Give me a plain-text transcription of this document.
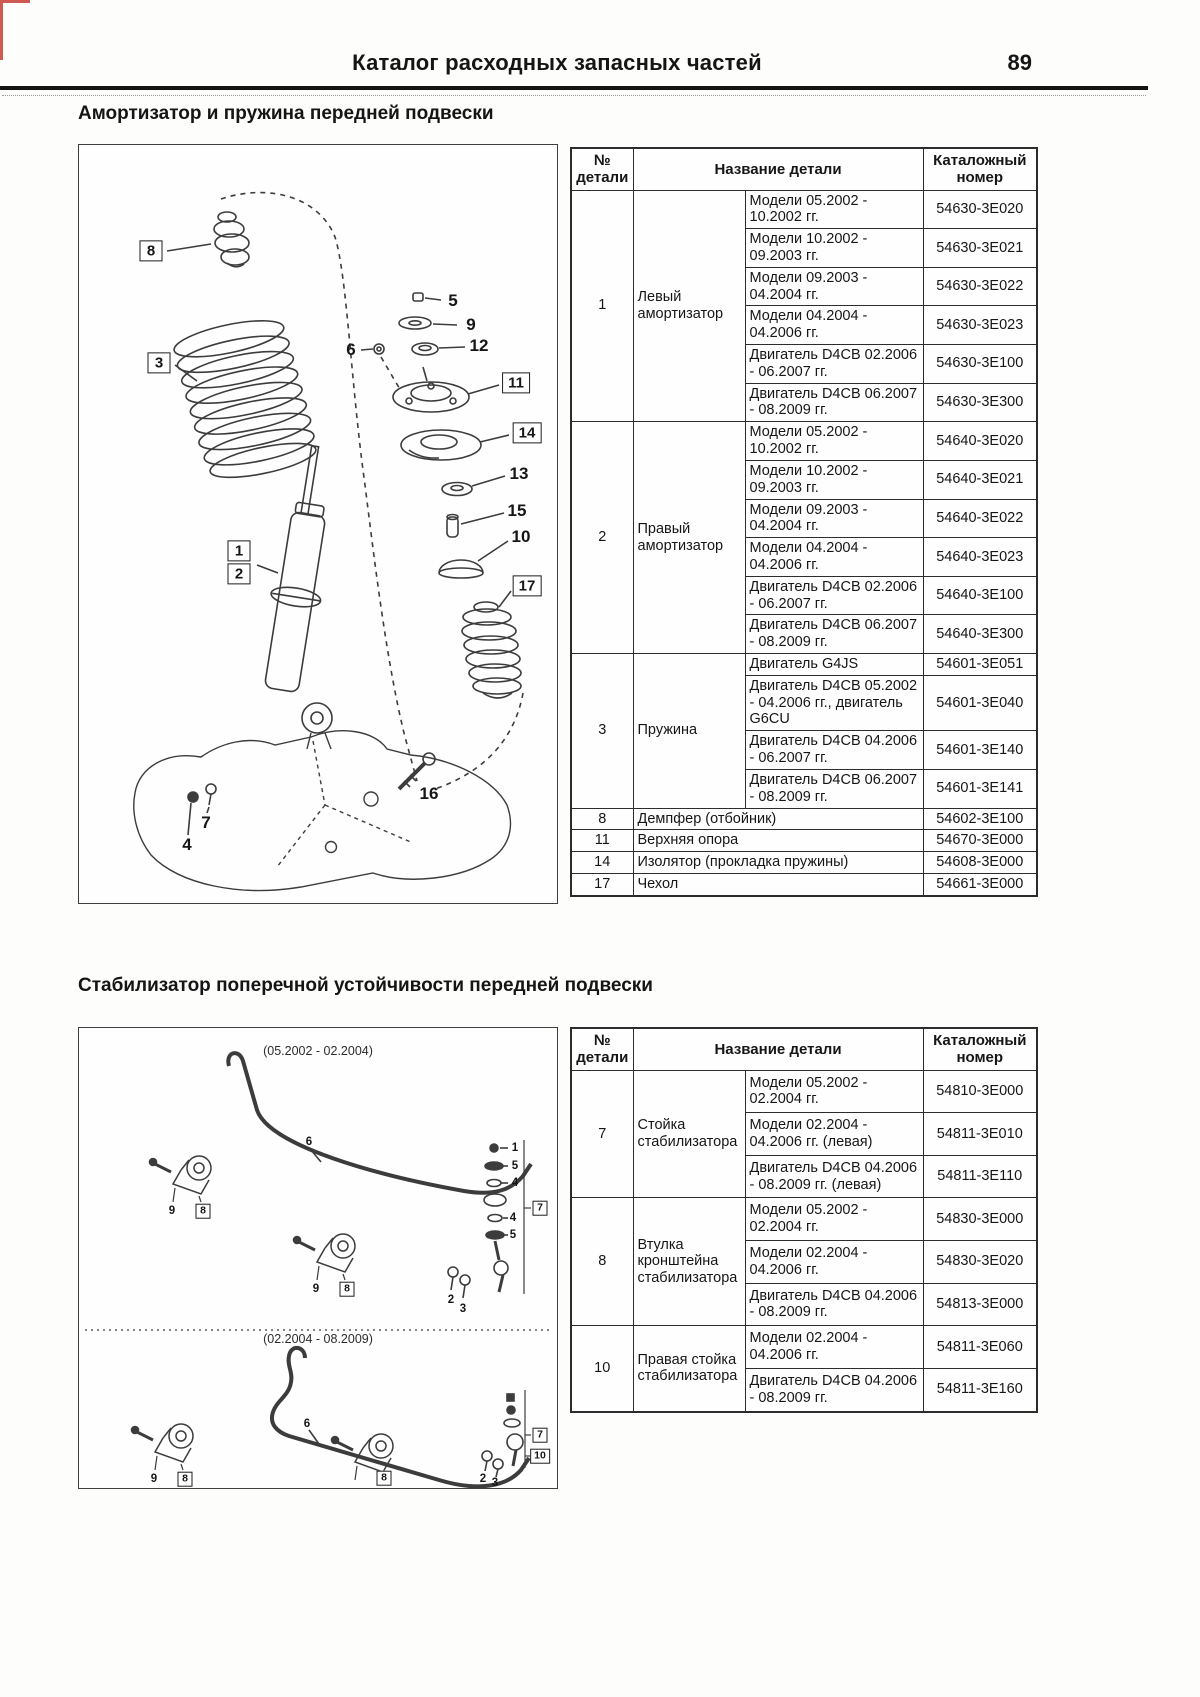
Каталог расходных запасных частей	89
Амортизатор и пружина передней подвески
8
3
5
9
6	12
11
14
13
15
10
17
1
2
16
7
4
№ детали	Название детали		Каталожный номер
1	Левый амортизатор	Модели 05.2002 - 10.2002 гг.	54630-3E020
		Модели 10.2002 - 09.2003 гг.	54630-3E021
		Модели 09.2003 - 04.2004 гг.	54630-3E022
		Модели 04.2004 - 04.2006 гг.	54630-3E023
		Двигатель D4CB 02.2006 - 06.2007 гг.	54630-3E100
		Двигатель D4CB 06.2007 - 08.2009 гг.	54630-3E300
2	Правый амортизатор	Модели 05.2002 - 10.2002 гг.	54640-3E020
		Модели 10.2002 - 09.2003 гг.	54640-3E021
		Модели 09.2003 - 04.2004 гг.	54640-3E022
		Модели 04.2004 - 04.2006 гг.	54640-3E023
		Двигатель D4CB 02.2006 - 06.2007 гг.	54640-3E100
		Двигатель D4CB 06.2007 - 08.2009 гг.	54640-3E300
3	Пружина	Двигатель G4JS	54601-3E051
		Двигатель D4CB 05.2002 - 04.2006 гг., двигатель G6CU	54601-3E040
		Двигатель D4CB 04.2006 - 06.2007 гг.	54601-3E140
		Двигатель D4CB 06.2007 - 08.2009 гг.	54601-3E141
8	Демпфер (отбойник)		54602-3E100
11	Верхняя опора		54670-3E000
14	Изолятор (прокладка пружины)		54608-3E000
17	Чехол		54661-3E000
Стабилизатор поперечной устойчивости передней подвески
(05.2002 - 02.2004)
(02.2004 - 08.2009)
6
9	8
9	8
1
5
4
4
5
7
2
3
6
9	8	8
7
10
2 3
№ детали	Название детали		Каталожный номер
7	Стойка стабилизатора	Модели 05.2002 - 02.2004 гг.	54810-3E000
		Модели 02.2004 - 04.2006 гг. (левая)	54811-3E010
		Двигатель D4CB 04.2006 - 08.2009 гг. (левая)	54811-3E110
8	Втулка кронштейна стабилизатора	Модели 05.2002 - 02.2004 гг.	54830-3E000
		Модели 02.2004 - 04.2006 гг.	54830-3E020
		Двигатель D4CB 04.2006 - 08.2009 гг.	54813-3E000
10	Правая стойка стабилизатора	Модели 02.2004 - 04.2006 гг.	54811-3E060
		Двигатель D4CB 04.2006 - 08.2009 гг.	54811-3E160
